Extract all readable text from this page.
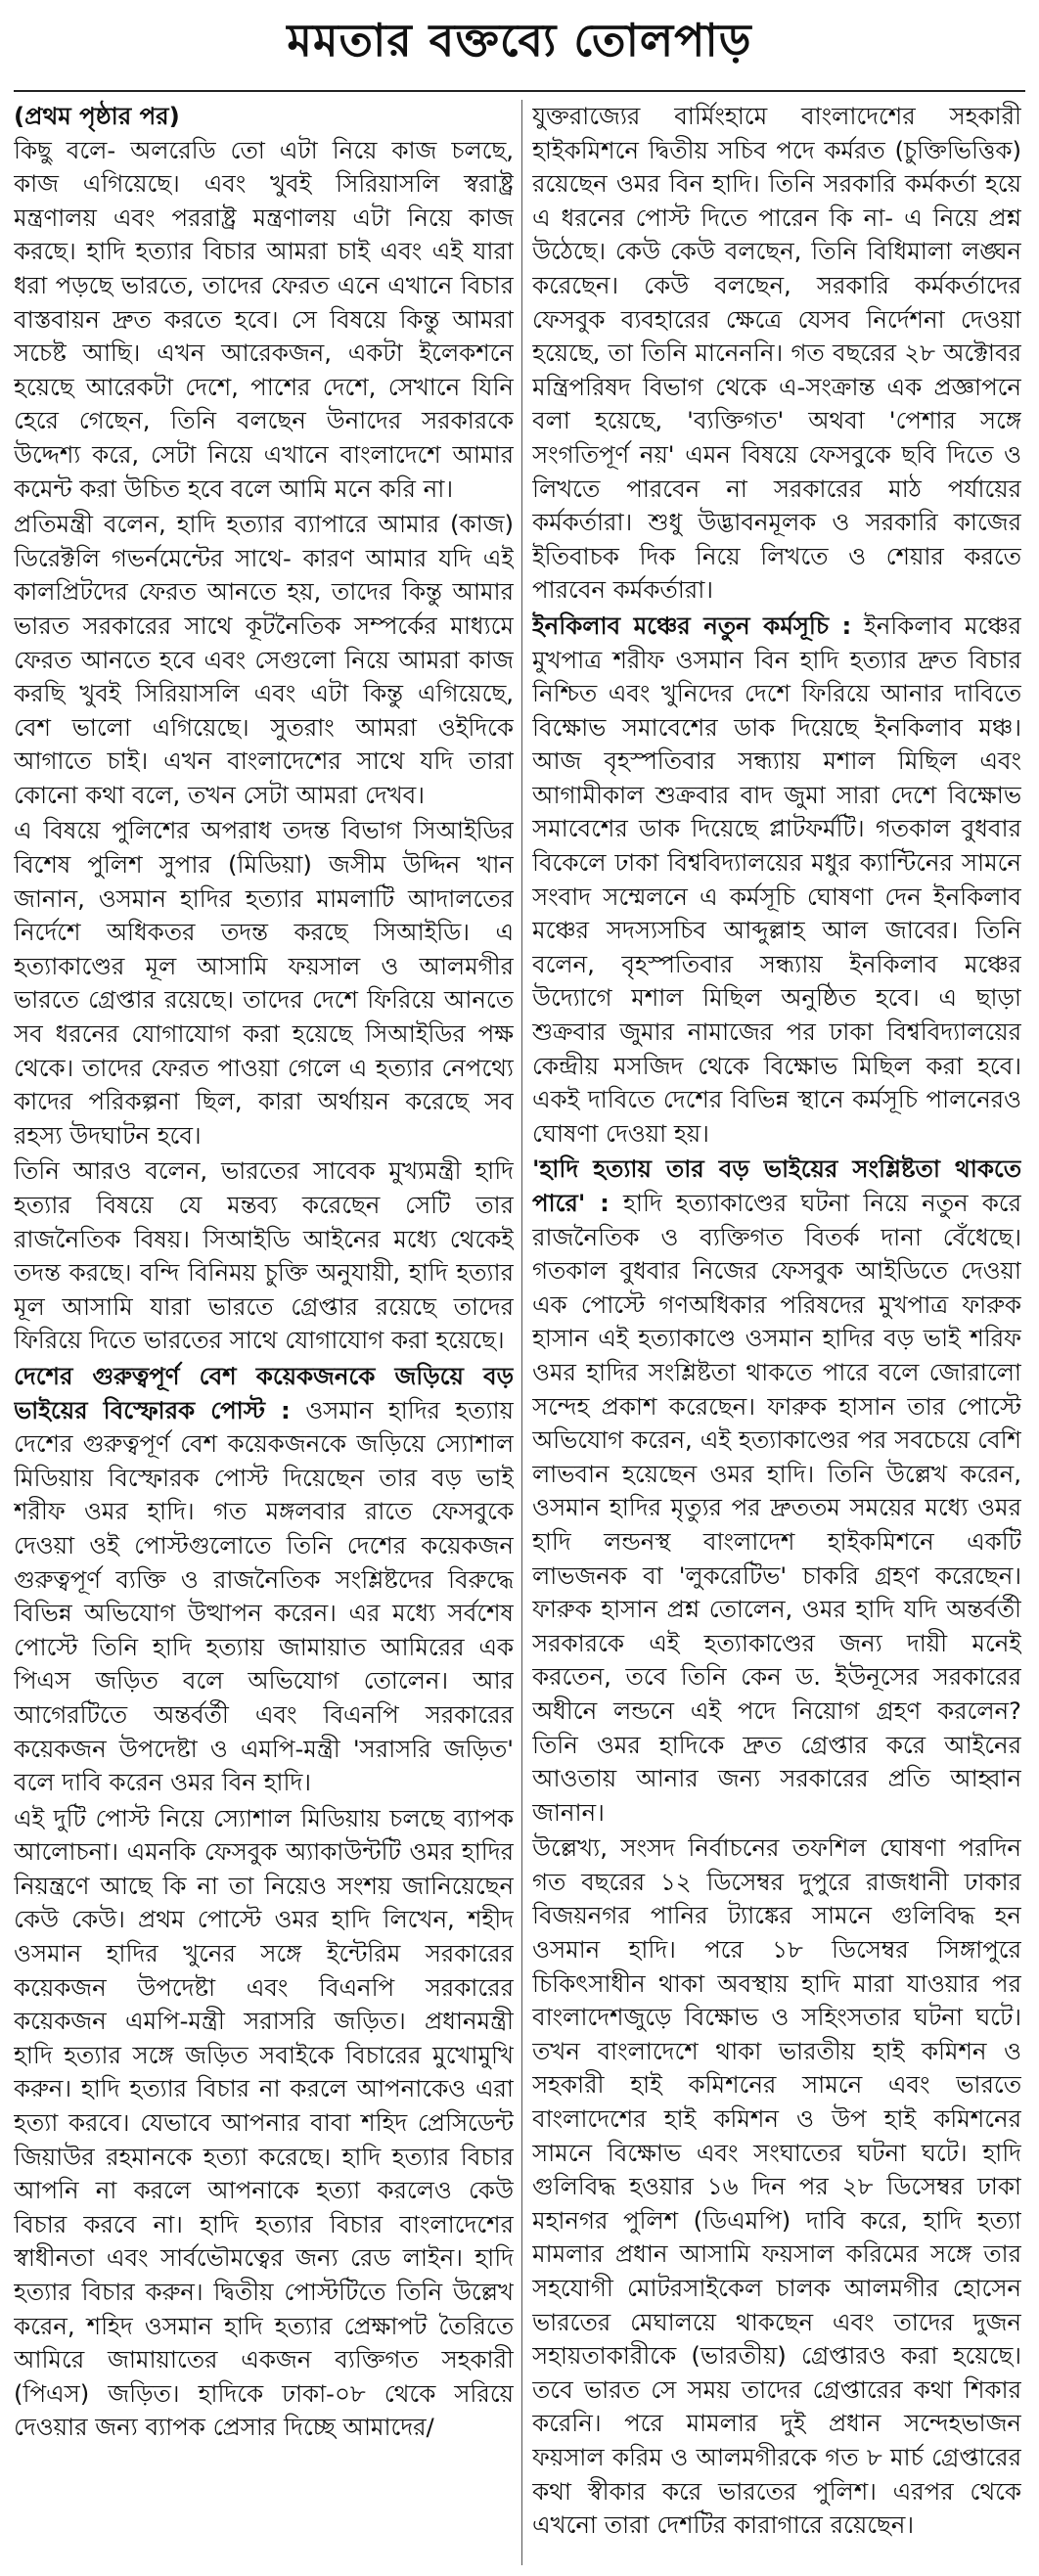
মমতার বক্তব্যে তোলপাড়
(প্রথম পৃষ্ঠার পর)

কিছু বলে- অলরেডি তো এটা নিয়ে কাজ চলছে, কাজ এগিয়েছে। এবং খুবই সিরিয়াসলি স্বরাষ্ট্র মন্ত্রণালয় এবং পররাষ্ট্র মন্ত্রণালয় এটা নিয়ে কাজ করছে। হাদি হত্যার বিচার আমরা চাই এবং এই যারা ধরা পড়ছে ভারতে, তাদের ফেরত এনে এখানে বিচার বাস্তবায়ন দ্রুত করতে হবে। সে বিষয়ে কিন্তু আমরা সচেষ্ট আছি। এখন আরেকজন, একটা ইলেকশনে হয়েছে আরেকটা দেশে, পাশের দেশে, সেখানে যিনি হেরে গেছেন, তিনি বলছেন উনাদের সরকারকে উদ্দেশ্য করে, সেটা নিয়ে এখানে বাংলাদেশে আমার কমেন্ট করা উচিত হবে বলে আমি মনে করি না।

প্রতিমন্ত্রী বলেন, হাদি হত্যার ব্যাপারে আমার (কাজ) ডিরেক্টলি গভর্নমেন্টের সাথে- কারণ আমার যদি এই কালপ্রিটদের ফেরত আনতে হয়, তাদের কিন্তু আমার ভারত সরকারের সাথে কূটনৈতিক সম্পর্কের মাধ্যমে ফেরত আনতে হবে এবং সেগুলো নিয়ে আমরা কাজ করছি খুবই সিরিয়াসলি এবং এটা কিন্তু এগিয়েছে, বেশ ভালো এগিয়েছে। সুতরাং আমরা ওইদিকে আগাতে চাই। এখন বাংলাদেশের সাথে যদি তারা কোনো কথা বলে, তখন সেটা আমরা দেখব।

এ বিষয়ে পুলিশের অপরাধ তদন্ত বিভাগ সিআইডির বিশেষ পুলিশ সুপার (মিডিয়া) জসীম উদ্দিন খান জানান, ওসমান হাদির হত্যার মামলাটি আদালতের নির্দেশে অধিকতর তদন্ত করছে সিআইডি। এ হত্যাকাণ্ডের মূল আসামি ফয়সাল ও আলমগীর ভারতে গ্রেপ্তার রয়েছে। তাদের দেশে ফিরিয়ে আনতে সব ধরনের যোগাযোগ করা হয়েছে সিআইডির পক্ষ থেকে। তাদের ফেরত পাওয়া গেলে এ হত্যার নেপথ্যে কাদের পরিকল্পনা ছিল, কারা অর্থায়ন করেছে সব রহস্য উদঘাটন হবে।

তিনি আরও বলেন, ভারতের সাবেক মুখ্যমন্ত্রী হাদি হত্যার বিষয়ে যে মন্তব্য করেছেন সেটি তার রাজনৈতিক বিষয়। সিআইডি আইনের মধ্যে থেকেই তদন্ত করছে। বন্দি বিনিময় চুক্তি অনুযায়ী, হাদি হত্যার মূল আসামি যারা ভারতে গ্রেপ্তার রয়েছে তাদের ফিরিয়ে দিতে ভারতের সাথে যোগাযোগ করা হয়েছে।

দেশের গুরুত্বপূর্ণ বেশ কয়েকজনকে জড়িয়ে বড় ভাইয়ের বিস্ফোরক পোস্ট : ওসমান হাদির হত্যায় দেশের গুরুত্বপূর্ণ বেশ কয়েকজনকে জড়িয়ে স্যোশাল মিডিয়ায় বিস্ফোরক পোস্ট দিয়েছেন তার বড় ভাই শরীফ ওমর হাদি। গত মঙ্গলবার রাতে ফেসবুকে দেওয়া ওই পোস্টগুলোতে তিনি দেশের কয়েকজন গুরুত্বপূর্ণ ব্যক্তি ও রাজনৈতিক সংশ্লিষ্টদের বিরুদ্ধে বিভিন্ন অভিযোগ উত্থাপন করেন। এর মধ্যে সর্বশেষ পোস্টে তিনি হাদি হত্যায় জামায়াত আমিরের এক পিএস জড়িত বলে অভিযোগ তোলেন। আর আগেরটিতে অন্তর্বর্তী এবং বিএনপি সরকারের কয়েকজন উপদেষ্টা ও এমপি-মন্ত্রী 'সরাসরি জড়িত' বলে দাবি করেন ওমর বিন হাদি।

এই দুটি পোস্ট নিয়ে স্যোশাল মিডিয়ায় চলছে ব্যাপক আলোচনা। এমনকি ফেসবুক অ্যাকাউন্টটি ওমর হাদির নিয়ন্ত্রণে আছে কি না তা নিয়েও সংশয় জানিয়েছেন কেউ কেউ। প্রথম পোস্টে ওমর হাদি লিখেন, শহীদ ওসমান হাদির খুনের সঙ্গে ইন্টেরিম সরকারের কয়েকজন উপদেষ্টা এবং বিএনপি সরকারের কয়েকজন এমপি-মন্ত্রী সরাসরি জড়িত। প্রধানমন্ত্রী হাদি হত্যার সঙ্গে জড়িত সবাইকে বিচারের মুখোমুখি করুন। হাদি হত্যার বিচার না করলে আপনাকেও এরা হত্যা করবে। যেভাবে আপনার বাবা শহিদ প্রেসিডেন্ট জিয়াউর রহমানকে হত্যা করেছে। হাদি হত্যার বিচার আপনি না করলে আপনাকে হত্যা করলেও কেউ বিচার করবে না। হাদি হত্যার বিচার বাংলাদেশের স্বাধীনতা এবং সার্বভৌমত্বের জন্য রেড লাইন। হাদি হত্যার বিচার করুন। দ্বিতীয় পোস্টটিতে তিনি উল্লেখ করেন, শহিদ ওসমান হাদি হত্যার প্রেক্ষাপট তৈরিতে আমিরে জামায়াতের একজন ব্যক্তিগত সহকারী (পিএস) জড়িত। হাদিকে ঢাকা-০৮ থেকে সরিয়ে দেওয়ার জন্য ব্যাপক প্রেসার দিচ্ছে আমাদের/

যুক্তরাজ্যের বার্মিংহামে বাংলাদেশের সহকারী হাইকমিশনে দ্বিতীয় সচিব পদে কর্মরত (চুক্তিভিত্তিক) রয়েছেন ওমর বিন হাদি। তিনি সরকারি কর্মকর্তা হয়ে এ ধরনের পোস্ট দিতে পারেন কি না- এ নিয়ে প্রশ্ন উঠেছে। কেউ কেউ বলছেন, তিনি বিধিমালা লঙ্ঘন করেছেন। কেউ বলছেন, সরকারি কর্মকর্তাদের ফেসবুক ব্যবহারের ক্ষেত্রে যেসব নির্দেশনা দেওয়া হয়েছে, তা তিনি মানেননি। গত বছরের ২৮ অক্টোবর মন্ত্রিপরিষদ বিভাগ থেকে এ-সংক্রান্ত এক প্রজ্ঞাপনে বলা হয়েছে, 'ব্যক্তিগত' অথবা 'পেশার সঙ্গে সংগতিপূর্ণ নয়' এমন বিষয়ে ফেসবুকে ছবি দিতে ও লিখতে পারবেন না সরকারের মাঠ পর্যায়ের কর্মকর্তারা। শুধু উদ্ভাবনমূলক ও সরকারি কাজের ইতিবাচক দিক নিয়ে লিখতে ও শেয়ার করতে পারবেন কর্মকর্তারা।

ইনকিলাব মঞ্চের নতুন কর্মসূচি : ইনকিলাব মঞ্চের মুখপাত্র শরীফ ওসমান বিন হাদি হত্যার দ্রুত বিচার নিশ্চিত এবং খুনিদের দেশে ফিরিয়ে আনার দাবিতে বিক্ষোভ সমাবেশের ডাক দিয়েছে ইনকিলাব মঞ্চ। আজ বৃহস্পতিবার সন্ধ্যায় মশাল মিছিল এবং আগামীকাল শুক্রবার বাদ জুমা সারা দেশে বিক্ষোভ সমাবেশের ডাক দিয়েছে প্লাটফর্মটি। গতকাল বুধবার বিকেলে ঢাকা বিশ্ববিদ্যালয়ের মধুর ক্যান্টিনের সামনে সংবাদ সম্মেলনে এ কর্মসূচি ঘোষণা দেন ইনকিলাব মঞ্চের সদস্যসচিব আব্দুল্লাহ আল জাবের। তিনি বলেন, বৃহস্পতিবার সন্ধ্যায় ইনকিলাব মঞ্চের উদ্যোগে মশাল মিছিল অনুষ্ঠিত হবে। এ ছাড়া শুক্রবার জুমার নামাজের পর ঢাকা বিশ্ববিদ্যালয়ের কেন্দ্রীয় মসজিদ থেকে বিক্ষোভ মিছিল করা হবে। একই দাবিতে দেশের বিভিন্ন স্থানে কর্মসূচি পালনেরও ঘোষণা দেওয়া হয়।

'হাদি হত্যায় তার বড় ভাইয়ের সংশ্লিষ্টতা থাকতে পারে' : হাদি হত্যাকাণ্ডের ঘটনা নিয়ে নতুন করে রাজনৈতিক ও ব্যক্তিগত বিতর্ক দানা বেঁধেছে। গতকাল বুধবার নিজের ফেসবুক আইডিতে দেওয়া এক পোস্টে গণঅধিকার পরিষদের মুখপাত্র ফারুক হাসান এই হত্যাকাণ্ডে ওসমান হাদির বড় ভাই শরিফ ওমর হাদির সংশ্লিষ্টতা থাকতে পারে বলে জোরালো সন্দেহ প্রকাশ করেছেন। ফারুক হাসান তার পোস্টে অভিযোগ করেন, এই হত্যাকাণ্ডের পর সবচেয়ে বেশি লাভবান হয়েছেন ওমর হাদি। তিনি উল্লেখ করেন, ওসমান হাদির মৃত্যুর পর দ্রুততম সময়ের মধ্যে ওমর হাদি লন্ডনস্থ বাংলাদেশ হাইকমিশনে একটি লাভজনক বা 'লুকরেটিভ' চাকরি গ্রহণ করেছেন। ফারুক হাসান প্রশ্ন তোলেন, ওমর হাদি যদি অন্তর্বর্তী সরকারকে এই হত্যাকাণ্ডের জন্য দায়ী মনেই করতেন, তবে তিনি কেন ড. ইউনূসের সরকারের অধীনে লন্ডনে এই পদে নিয়োগ গ্রহণ করলেন? তিনি ওমর হাদিকে দ্রুত গ্রেপ্তার করে আইনের আওতায় আনার জন্য সরকারের প্রতি আহ্বান জানান।

উল্লেখ্য, সংসদ নির্বাচনের তফশিল ঘোষণা পরদিন গত বছরের ১২ ডিসেম্বর দুপুরে রাজধানী ঢাকার বিজয়নগর পানির ট্যাঙ্কের সামনে গুলিবিদ্ধ হন ওসমান হাদি। পরে ১৮ ডিসেম্বর সিঙ্গাপুরে চিকিৎসাধীন থাকা অবস্থায় হাদি মারা যাওয়ার পর বাংলাদেশজুড়ে বিক্ষোভ ও সহিংসতার ঘটনা ঘটে। তখন বাংলাদেশে থাকা ভারতীয় হাই কমিশন ও সহকারী হাই কমিশনের সামনে এবং ভারতে বাংলাদেশের হাই কমিশন ও উপ হাই কমিশনের সামনে বিক্ষোভ এবং সংঘাতের ঘটনা ঘটে। হাদি গুলিবিদ্ধ হওয়ার ১৬ দিন পর ২৮ ডিসেম্বর ঢাকা মহানগর পুলিশ (ডিএমপি) দাবি করে, হাদি হত্যা মামলার প্রধান আসামি ফয়সাল করিমের সঙ্গে তার সহযোগী মোটরসাইকেল চালক আলমগীর হোসেন ভারতের মেঘালয়ে থাকছেন এবং তাদের দুজন সহায়তাকারীকে (ভারতীয়) গ্রেপ্তারও করা হয়েছে। তবে ভারত সে সময় তাদের গ্রেপ্তারের কথা শিকার করেনি। পরে মামলার দুই প্রধান সন্দেহভাজন ফয়সাল করিম ও আলমগীরকে গত ৮ মার্চ গ্রেপ্তারের কথা স্বীকার করে ভারতের পুলিশ। এরপর থেকে এখনো তারা দেশটির কারাগারে রয়েছেন।
